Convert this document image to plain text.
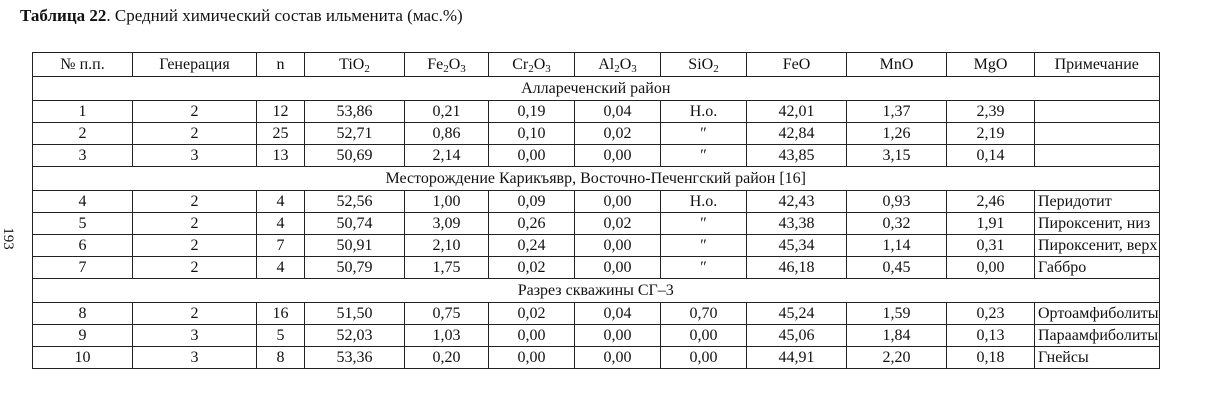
Таблица 22. Средний химический состав ильменита (мас.%)
193
№ п.п.	Генерация	n	TiO$_2$	$Fe_2O_3$	$Cr_2O_3$	$Al_2O_3$	SiO$_2$	FeO	MnO	MgO	Примечание
Аллареченский район											
1	2	12	53,86	0,21	0,19	0,04	Н.о.	42,01	1,37	2,39	
2	2	25	52,71	0,86	0,10	0,02	″	42,84	1,26	2,19	
3	3	13	50,69	2,14	0,00	0,00	″	43,85	3,15	0,14	
Месторождение Карикъявр, Восточно-Печенгский район [16]											
4	2	4	52,56	1,00	0,09	0,00	Н.о.	42,43	0,93	2,46	Перидотит
5	2	4	50,74	3,09	0,26	0,02	″	43,38	0,32	1,91	Пироксенит, низ
6	2	7	50,91	2,10	0,24	0,00	″	45,34	1,14	0,31	Пироксенит, верх
7	2	4	50,79	1,75	0,02	0,00	″	46,18	0,45	0,00	Габбро
Разрез скважины СГ–3											
8	2	16	51,50	0,75	0,02	0,04	0,70	45,24	1,59	0,23	Ортоамфиболиты
9	3	5	52,03	1,03	0,00	0,00	0,00	45,06	1,84	0,13	Параамфиболиты
10	3	8	53,36	0,20	0,00	0,00	0,00	44,91	2,20	0,18	Гнейсы
